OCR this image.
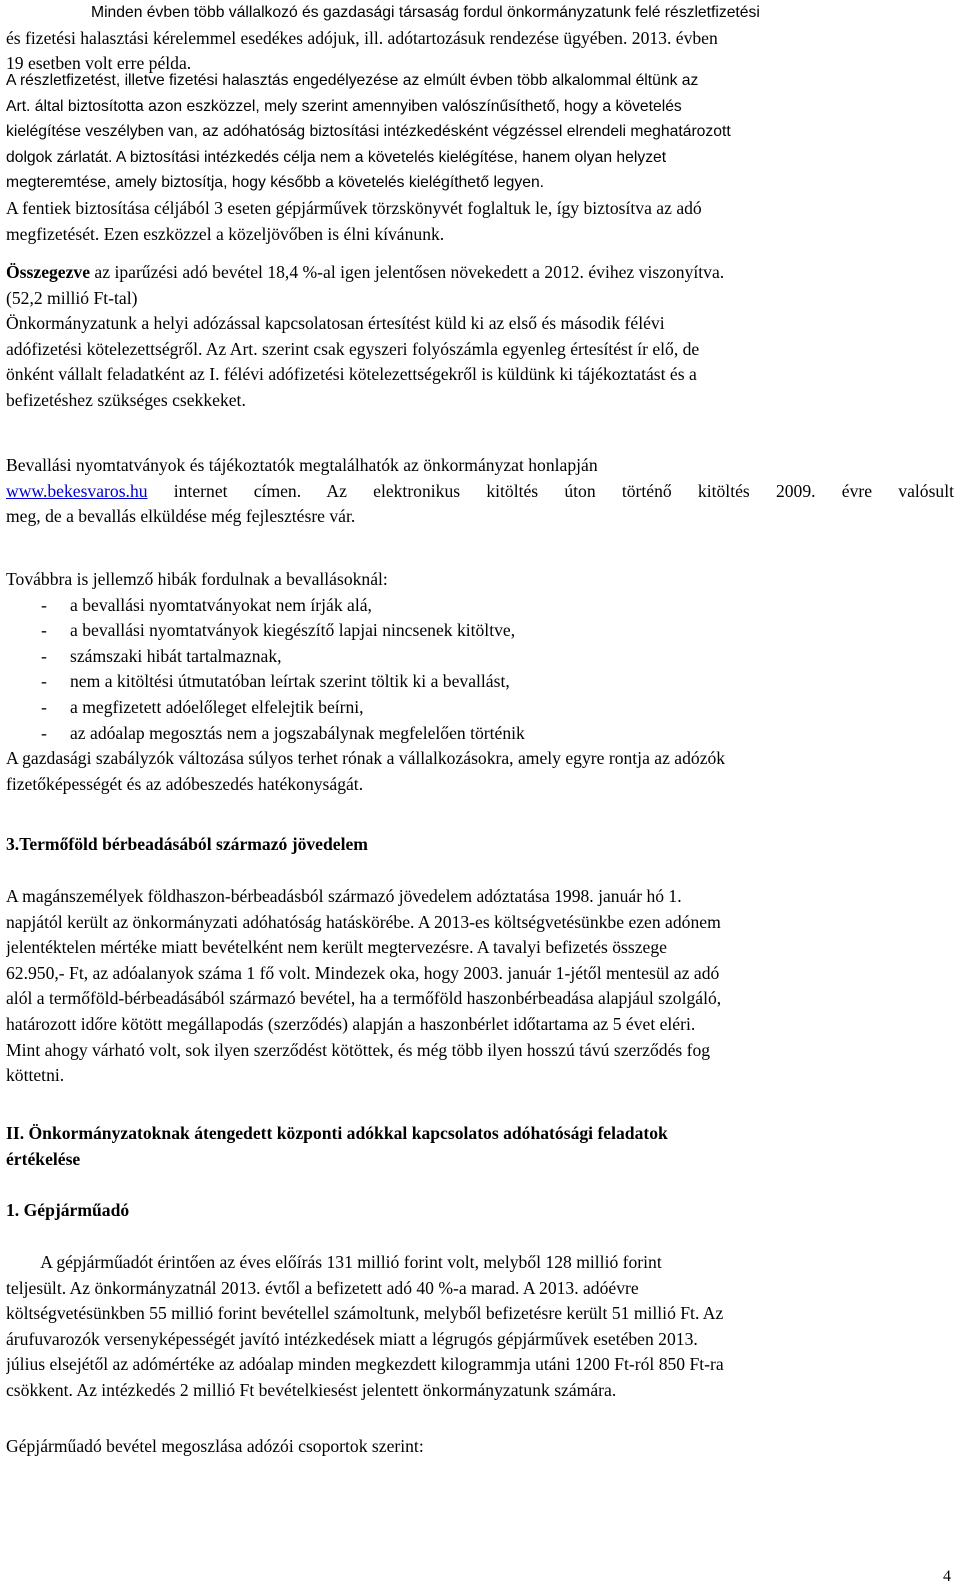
Minden évben több vállalkozó és gazdasági társaság fordul önkormányzatunk felé részletfizetési
és fizetési halasztási kérelemmel esedékes adójuk, ill. adótartozásuk rendezése ügyében. 2013. évben
19 esetben volt erre példa.
A részletfizetést, illetve fizetési halasztás engedélyezése az elmúlt évben több alkalommal éltünk az
Art. által biztosította azon eszközzel, mely szerint amennyiben valószínűsíthető, hogy a követelés
kielégítése veszélyben van, az adóhatóság biztosítási intézkedésként végzéssel elrendeli meghatározott
dolgok zárlatát. A biztosítási intézkedés célja nem a követelés kielégítése, hanem olyan helyzet
megteremtése, amely biztosítja, hogy később a követelés kielégíthető legyen.
A fentiek biztosítása céljából 3 eseten gépjárművek törzskönyvét foglaltuk le, így biztosítva az adó
megfizetését. Ezen eszközzel a közeljövőben is élni kívánunk.
Összegezve az iparűzési adó bevétel 18,4 %-al igen jelentősen növekedett a 2012. évihez viszonyítva.
(52,2 millió Ft-tal)
Önkormányzatunk a helyi adózással kapcsolatosan értesítést küld ki az első és második félévi
adófizetési kötelezettségről. Az Art. szerint csak egyszeri folyószámla egyenleg értesítést ír elő, de
önként vállalt feladatként az I. félévi adófizetési kötelezettségekről is küldünk ki tájékoztatást és a
befizetéshez szükséges csekkeket.
Bevallási nyomtatványok és tájékoztatók megtalálhatók az önkormányzat honlapján
www.bekesvaros.hu internet címen. Az elektronikus kitöltés úton történő kitöltés 2009. évre valósult
meg, de a bevallás elküldése még fejlesztésre vár.
Továbbra is jellemző hibák fordulnak a bevallásoknál:
- a bevallási nyomtatványokat nem írják alá,
- a bevallási nyomtatványok kiegészítő lapjai nincsenek kitöltve,
- számszaki hibát tartalmaznak,
- nem a kitöltési útmutatóban leírtak szerint töltik ki a bevallást,
- a megfizetett adóelőleget elfelejtik beírni,
- az adóalap megosztás nem a jogszabálynak megfelelően történik
A gazdasági szabályzók változása súlyos terhet rónak a vállalkozásokra, amely egyre rontja az adózók
fizetőképességét és az adóbeszedés hatékonyságát.
3.Termőföld bérbeadásából származó jövedelem
A magánszemélyek földhaszon-bérbeadásból származó jövedelem adóztatása 1998. január hó 1.
napjától került az önkormányzati adóhatóság hatáskörébe. A 2013-es költségvetésünkbe ezen adónem
jelentéktelen mértéke miatt bevételként nem került megtervezésre. A tavalyi befizetés összege
62.950,- Ft, az adóalanyok száma 1 fő volt. Mindezek oka, hogy 2003. január 1-jétől mentesül az adó
alól a termőföld-bérbeadásából származó bevétel, ha a termőföld haszonbérbeadása alapjául szolgáló,
határozott időre kötött megállapodás (szerződés) alapján a haszonbérlet időtartama az 5 évet eléri.
Mint ahogy várható volt, sok ilyen szerződést kötöttek, és még több ilyen hosszú távú szerződés fog
köttetni.
II. Önkormányzatoknak átengedett központi adókkal kapcsolatos adóhatósági feladatok
értékelése
1. Gépjárműadó
A gépjárműadót érintően az éves előírás 131 millió forint volt, melyből 128 millió forint
teljesült. Az önkormányzatnál 2013. évtől a befizetett adó 40 %-a marad. A 2013. adóévre
költségvetésünkben 55 millió forint bevétellel számoltunk, melyből befizetésre került 51 millió Ft. Az
árufuvarozók versenyképességét javító intézkedések miatt a légrugós gépjárművek esetében 2013.
július elsejétől az adómértéke az adóalap minden megkezdett kilogrammja utáni 1200 Ft-ról 850 Ft-ra
csökkent. Az intézkedés 2 millió Ft bevételkiesést jelentett önkormányzatunk számára.
Gépjárműadó bevétel megoszlása adózói csoportok szerint:
4
